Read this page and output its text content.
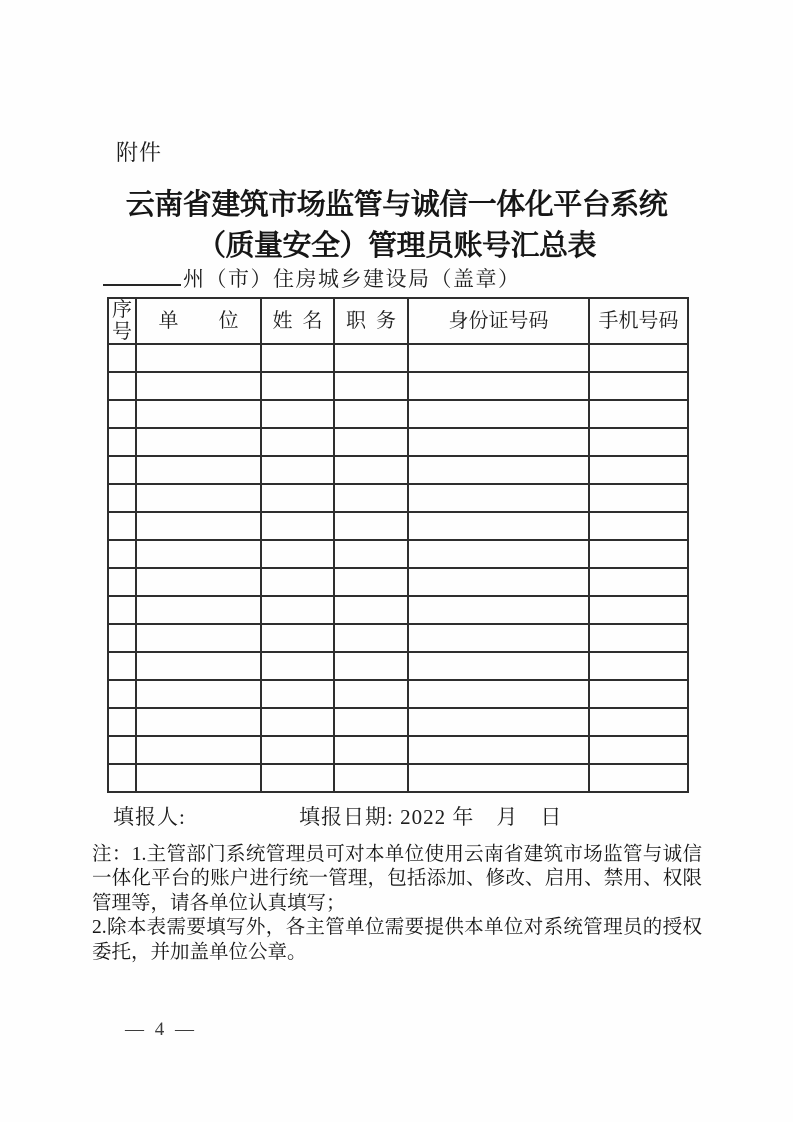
附件
云南省建筑市场监管与诚信一体化平台系统
（质量安全）管理员账号汇总表
州（市）住房城乡建设局（盖章）
序号	单　　位	姓 名	职 务	身份证号码	手机号码

填报人:	填报日期: 2022 年　月　日
注：1.主管部门系统管理员可对本单位使用云南省建筑市场监管与诚信
一体化平台的账户进行统一管理，包括添加、修改、启用、禁用、权限
管理等，请各单位认真填写；
2.除本表需要填写外，各主管单位需要提供本单位对系统管理员的授权
委托，并加盖单位公章。
— 4 —
